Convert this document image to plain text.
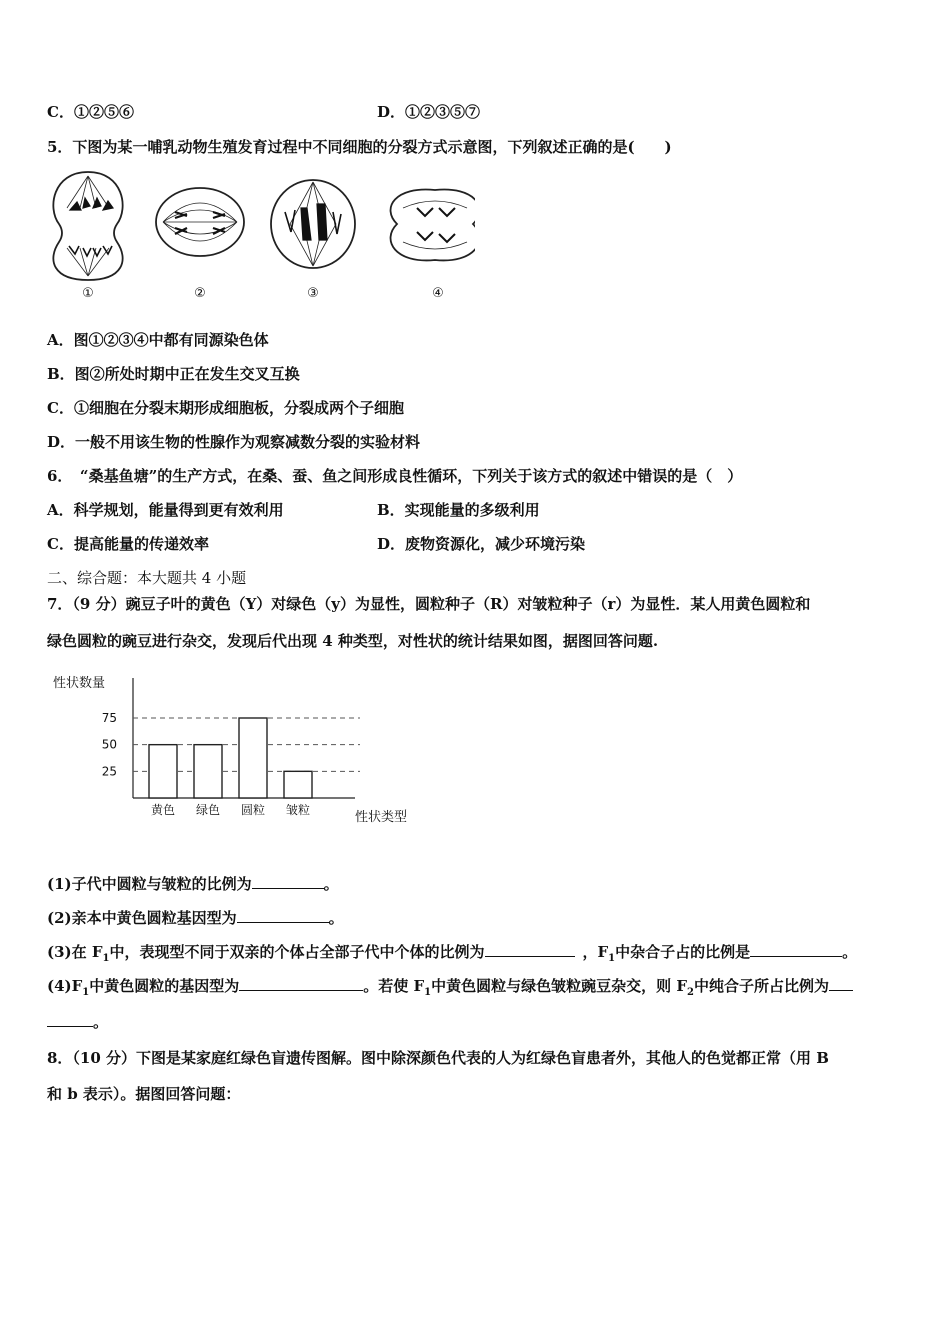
C．①②⑤⑥	D．①②③⑤⑦
5．下图为某一哺乳动物生殖发育过程中不同细胞的分裂方式示意图，下列叙述正确的是(　　)
①	②	③	④
A．图①②③④中都有同源染色体
B．图②所处时期中正在发生交叉互换
C．①细胞在分裂末期形成细胞板，分裂成两个子细胞
D．一般不用该生物的性腺作为观察减数分裂的实验材料
6．　“桑基鱼塘”的生产方式，在桑、蚕、鱼之间形成良性循环，下列关于该方式的叙述中错误的是（　）
A．科学规划，能量得到更有效利用	B．实现能量的多级利用
C．提高能量的传递效率	D．废物资源化，减少环境污染
二、综合题：本大题共 4 小题
7．（9 分）豌豆子叶的黄色（Y）对绿色（y）为显性，圆粒种子（R）对皱粒种子（r）为显性．某人用黄色圆粒和
绿色圆粒的豌豆进行杂交，发现后代出现 4 种类型，对性状的统计结果如图，据图回答问题.
性状数量
性状类型
75
50
25
黄色 绿色 圆粒 皱粒
(1)子代中圆粒与皱粒的比例为	。
(2)亲本中黄色圆粒基因型为	。
(3)在 $F_1$中，表现型不同于双亲的个体占全部子代中个体的比例为	，$F_1$中杂合子占的比例是	。
$(4)F_1$中黄色圆粒的基因型为	。若使 $F_1$中黄色圆粒与绿色皱粒豌豆杂交，则 $F_2$中纯合子所占比例为
。
8．（10 分）下图是某家庭红绿色盲遗传图解。图中除深颜色代表的人为红绿色盲患者外，其他人的色觉都正常（用 B
和 b 表示）。据图回答问题：
